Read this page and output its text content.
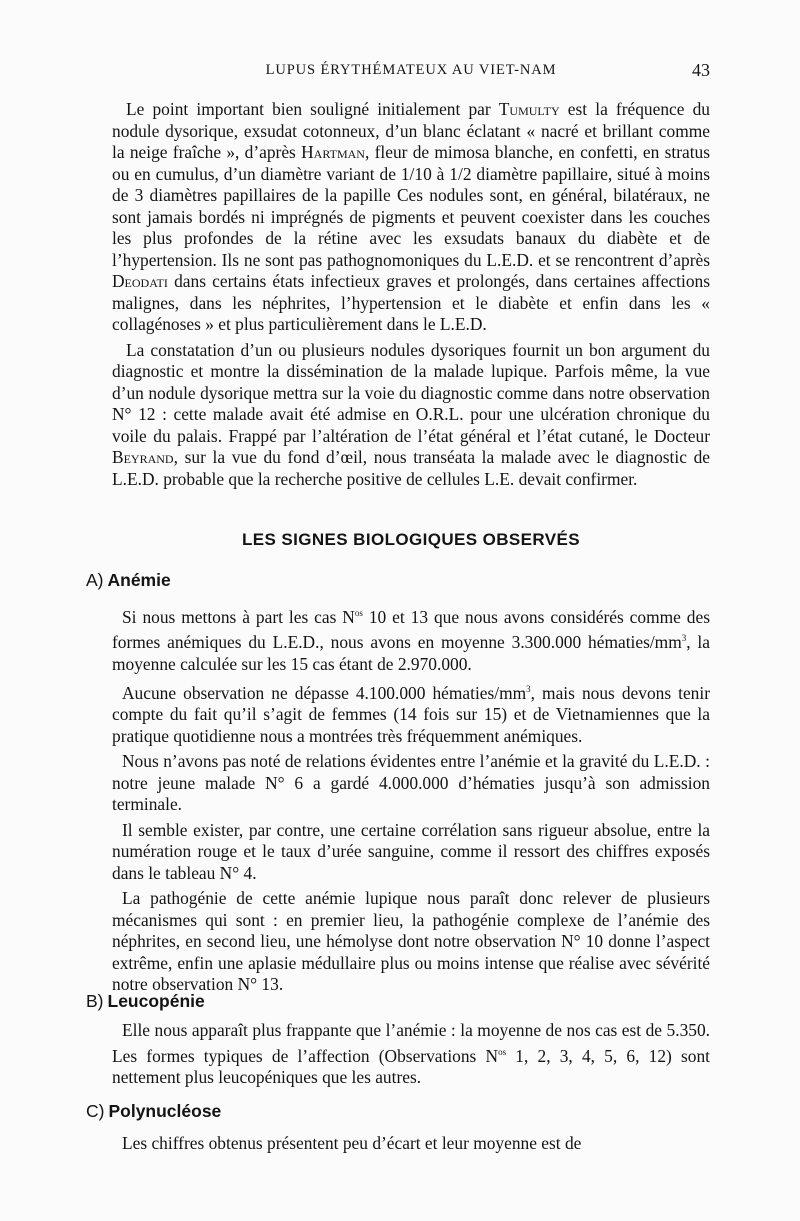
LUPUS ÉRYTHÉMATEUX AU VIET-NAM	43

Le point important bien souligné initialement par Tumulty est la fréquence du nodule dysorique, exsudat cotonneux, d’un blanc éclatant « nacré et brillant comme la neige fraîche », d’après Hartman, fleur de mimosa blanche, en confetti, en stratus ou en cumulus, d’un diamètre variant de 1/10 à 1/2 diamètre papillaire, situé à moins de 3 diamètres papillaires de la papille Ces nodules sont, en général, bilatéraux, ne sont jamais bordés ni imprégnés de pigments et peuvent coexister dans les couches les plus profondes de la rétine avec les exsudats banaux du diabète et de l’hypertension. Ils ne sont pas pathognomoniques du L.E.D. et se rencontrent d’après Deodati dans certains états infectieux graves et prolongés, dans certaines affections malignes, dans les néphrites, l’hypertension et le diabète et enfin dans les « collagénoses » et plus particulièrement dans le L.E.D.

La constatation d’un ou plusieurs nodules dysoriques fournit un bon argument du diagnostic et montre la dissémination de la malade lupique. Parfois même, la vue d’un nodule dysorique mettra sur la voie du diagnostic comme dans notre observation N° 12 : cette malade avait été admise en O.R.L. pour une ulcération chronique du voile du palais. Frappé par l’altération de l’état général et l’état cutané, le Docteur Beyrand, sur la vue du fond d’œil, nous transéata la malade avec le diagnostic de L.E.D. probable que la recherche positive de cellules L.E. devait confirmer.

LES SIGNES BIOLOGIQUES OBSERVÉS
A) Anémie

Si nous mettons à part les cas $N^{os}$ 10 et 13 que nous avons considérés comme des formes anémiques du L.E.D., nous avons en moyenne 3.300.000 hématies/$mm^3$, la moyenne calculée sur les 15 cas étant de 2.970.000.

Aucune observation ne dépasse 4.100.000 hématies/$mm^3$, mais nous devons tenir compte du fait qu’il s’agit de femmes (14 fois sur 15) et de Vietnamiennes que la pratique quotidienne nous a montrées très fréquemment anémiques.

Nous n’avons pas noté de relations évidentes entre l’anémie et la gravité du L.E.D. : notre jeune malade N° 6 a gardé 4.000.000 d’hématies jusqu’à son admission terminale.

Il semble exister, par contre, une certaine corrélation sans rigueur absolue, entre la numération rouge et le taux d’urée sanguine, comme il ressort des chiffres exposés dans le tableau N° 4.

La pathogénie de cette anémie lupique nous paraît donc relever de plusieurs mécanismes qui sont : en premier lieu, la pathogénie complexe de l’anémie des néphrites, en second lieu, une hémolyse dont notre observation N° 10 donne l’aspect extrême, enfin une aplasie médullaire plus ou moins intense que réalise avec sévérité notre observation N° 13.

B) Leucopénie

Elle nous apparaît plus frappante que l’anémie : la moyenne de nos cas est de 5.350. Les formes typiques de l’affection (Observations $N^{os}$ 1, 2, 3, 4, 5, 6, 12) sont nettement plus leucopéniques que les autres.

C) Polynucléose

Les chiffres obtenus présentent peu d’écart et leur moyenne est de
